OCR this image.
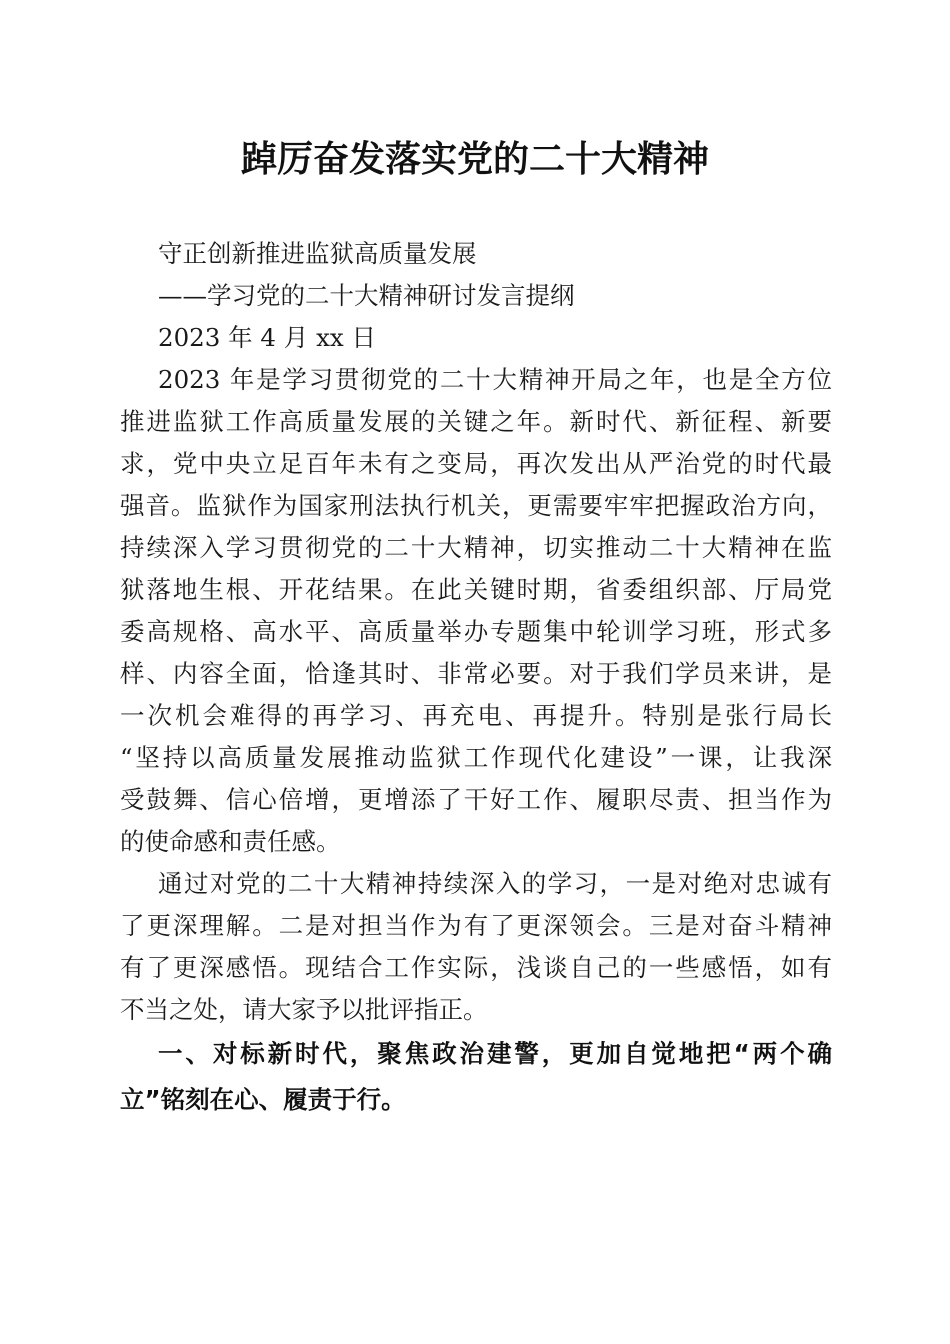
踔厉奋发落实党的二十大精神
守正创新推进监狱高质量发展
——学习党的二十大精神研讨发言提纲
2023 年 4 月 xx 日
2023 年是学习贯彻党的二十大精神开局之年，也是全方位
推进监狱工作高质量发展的关键之年。新时代、新征程、新要
求，党中央立足百年未有之变局，再次发出从严治党的时代最
强音。监狱作为国家刑法执行机关，更需要牢牢把握政治方向，
持续深入学习贯彻党的二十大精神，切实推动二十大精神在监
狱落地生根、开花结果。在此关键时期，省委组织部、厅局党
委高规格、高水平、高质量举办专题集中轮训学习班，形式多
样、内容全面，恰逢其时、非常必要。对于我们学员来讲，是
一次机会难得的再学习、再充电、再提升。特别是张行局长
“坚持以高质量发展推动监狱工作现代化建设”一课，让我深
受鼓舞、信心倍增，更增添了干好工作、履职尽责、担当作为
的使命感和责任感。
通过对党的二十大精神持续深入的学习，一是对绝对忠诚有
了更深理解。二是对担当作为有了更深领会。三是对奋斗精神
有了更深感悟。现结合工作实际，浅谈自己的一些感悟，如有
不当之处，请大家予以批评指正。
一、对标新时代，聚焦政治建警，更加自觉地把“两个确
立”铭刻在心、履责于行。
